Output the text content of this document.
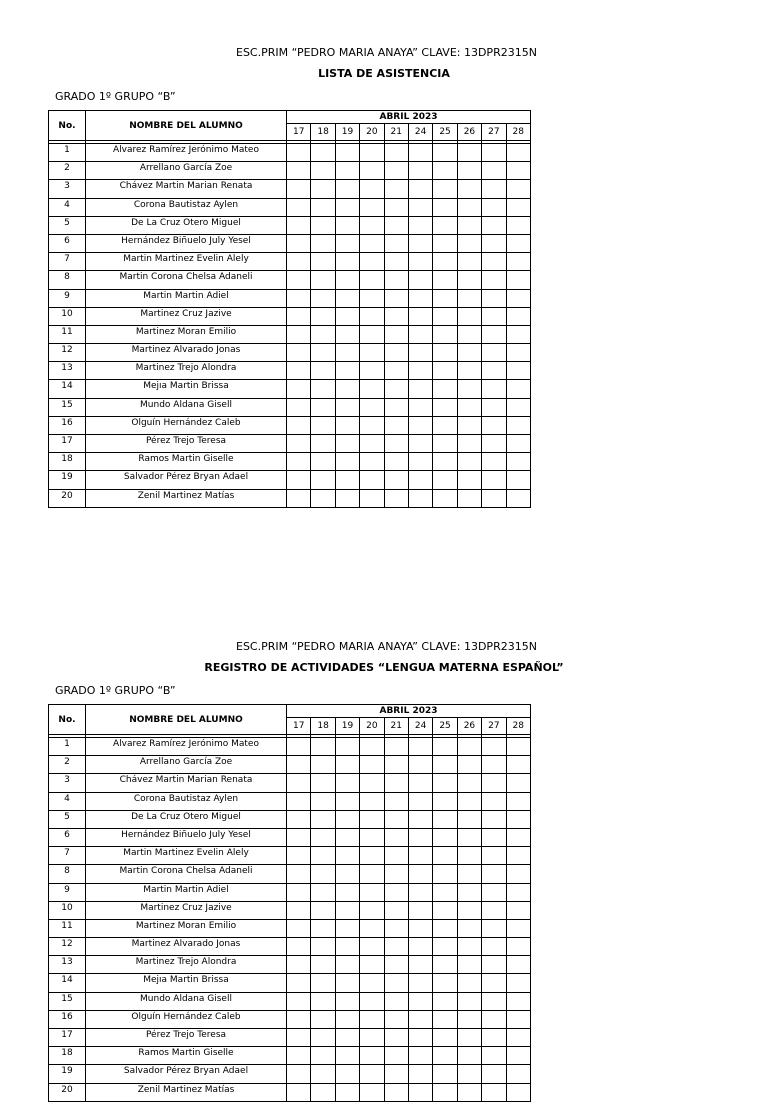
ESC.PRIM “PEDRO MARIA ANAYA” CLAVE: 13DPR2315N
LISTA DE ASISTENCIA
GRADO 1º GRUPO “B”
No.	NOMBRE DEL ALUMNO	ABRIL 2023									
		17	18	19	20	21	24	25	26	27	28

1	Alvarez Ramírez Jerónimo Mateo										
2	Arrellano García Zoe										
3	Chávez Martin Marian Renata										
4	Corona Bautistaz Aylen										
5	De La Cruz Otero Miguel										
6	Hernández Biñuelo July Yesel										
7	Martin Martinez Evelin Alely										
8	Martin Corona Chelsa Adaneli										
9	Martin Martin Adiel										
10	Martinez Cruz Jazive										
11	Martinez Moran Emilio										
12	Martinez Alvarado Jonas										
13	Martinez Trejo Alondra										
14	Mejıa Martin Brissa										
15	Mundo Aldana Gisell										
16	Olguín Hernández Caleb										
17	Pérez Trejo Teresa										
18	Ramos Martin Giselle										
19	Salvador Pérez Bryan Adael										
20	Zenil Martinez Matías										
ESC.PRIM “PEDRO MARIA ANAYA” CLAVE: 13DPR2315N
REGISTRO DE ACTIVIDADES “LENGUA MATERNA ESPAÑOL”
GRADO 1º GRUPO “B”
No.	NOMBRE DEL ALUMNO	ABRIL 2023									
		17	18	19	20	21	24	25	26	27	28

1	Alvarez Ramírez Jerónimo Mateo										
2	Arrellano García Zoe										
3	Chávez Martin Marian Renata										
4	Corona Bautistaz Aylen										
5	De La Cruz Otero Miguel										
6	Hernández Biñuelo July Yesel										
7	Martin Martinez Evelin Alely										
8	Martin Corona Chelsa Adaneli										
9	Martin Martin Adiel										
10	Martinez Cruz Jazive										
11	Martinez Moran Emilio										
12	Martinez Alvarado Jonas										
13	Martinez Trejo Alondra										
14	Mejıa Martin Brissa										
15	Mundo Aldana Gisell										
16	Olguín Hernández Caleb										
17	Pérez Trejo Teresa										
18	Ramos Martin Giselle										
19	Salvador Pérez Bryan Adael										
20	Zenil Martinez Matías										
